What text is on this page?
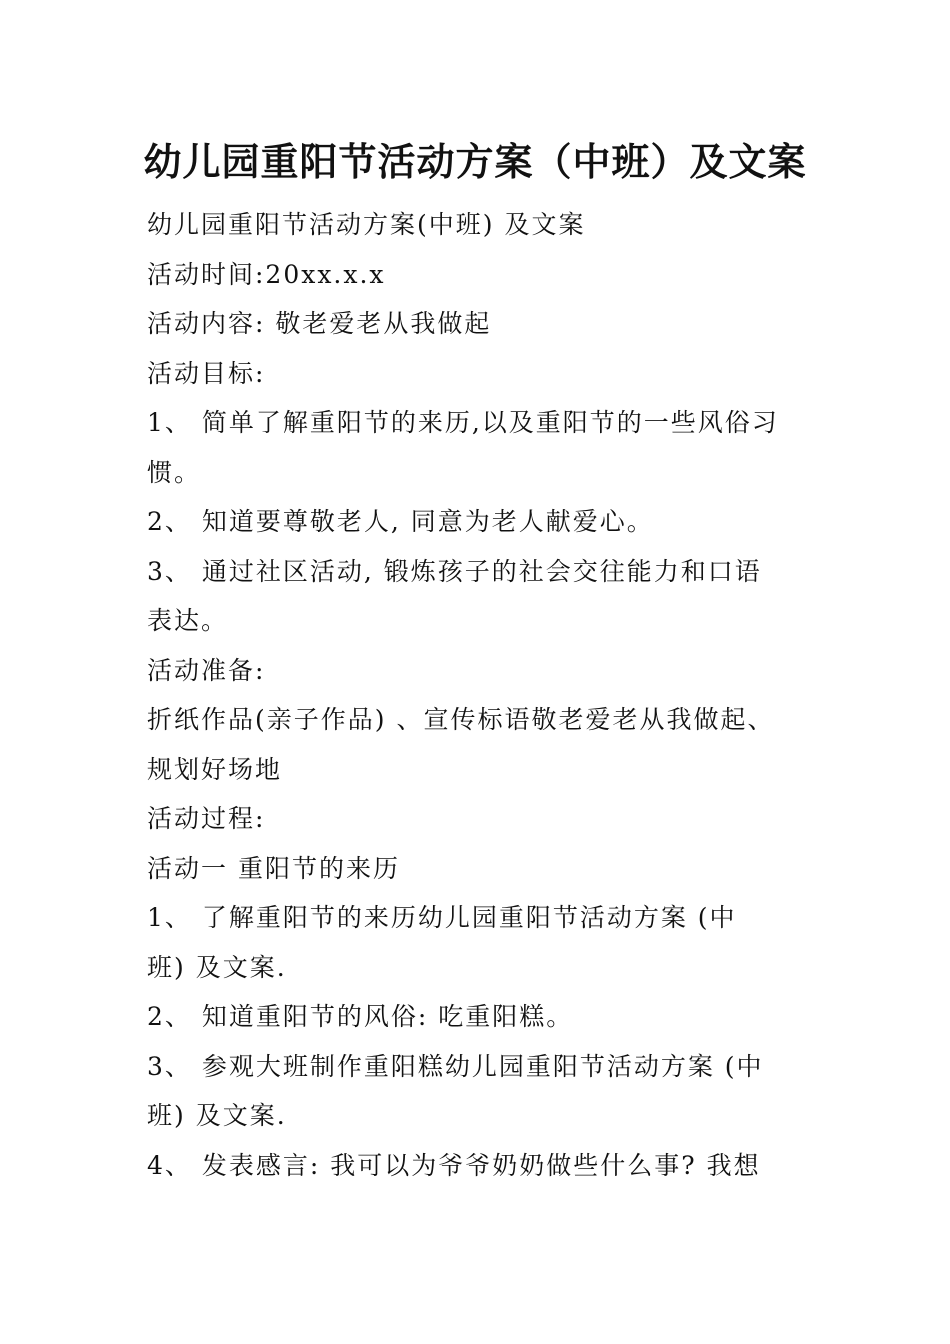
幼儿园重阳节活动方案（中班）及文案
幼儿园重阳节活动方案(中班) 及文案
活动时间:20xx.x.x
活动内容: 敬老爱老从我做起
活动目标:
1、 简单了解重阳节的来历,以及重阳节的一些风俗习
惯。
2、 知道要尊敬老人, 同意为老人献爱心。
3、 通过社区活动, 锻炼孩子的社会交往能力和口语
表达。
活动准备:
折纸作品(亲子作品) 、宣传标语敬老爱老从我做起、
规划好场地
活动过程:
活动一 重阳节的来历
1、 了解重阳节的来历幼儿园重阳节活动方案 (中
班) 及文案.
2、 知道重阳节的风俗: 吃重阳糕。
3、 参观大班制作重阳糕幼儿园重阳节活动方案 (中
班) 及文案.
4、 发表感言: 我可以为爷爷奶奶做些什么事? 我想
